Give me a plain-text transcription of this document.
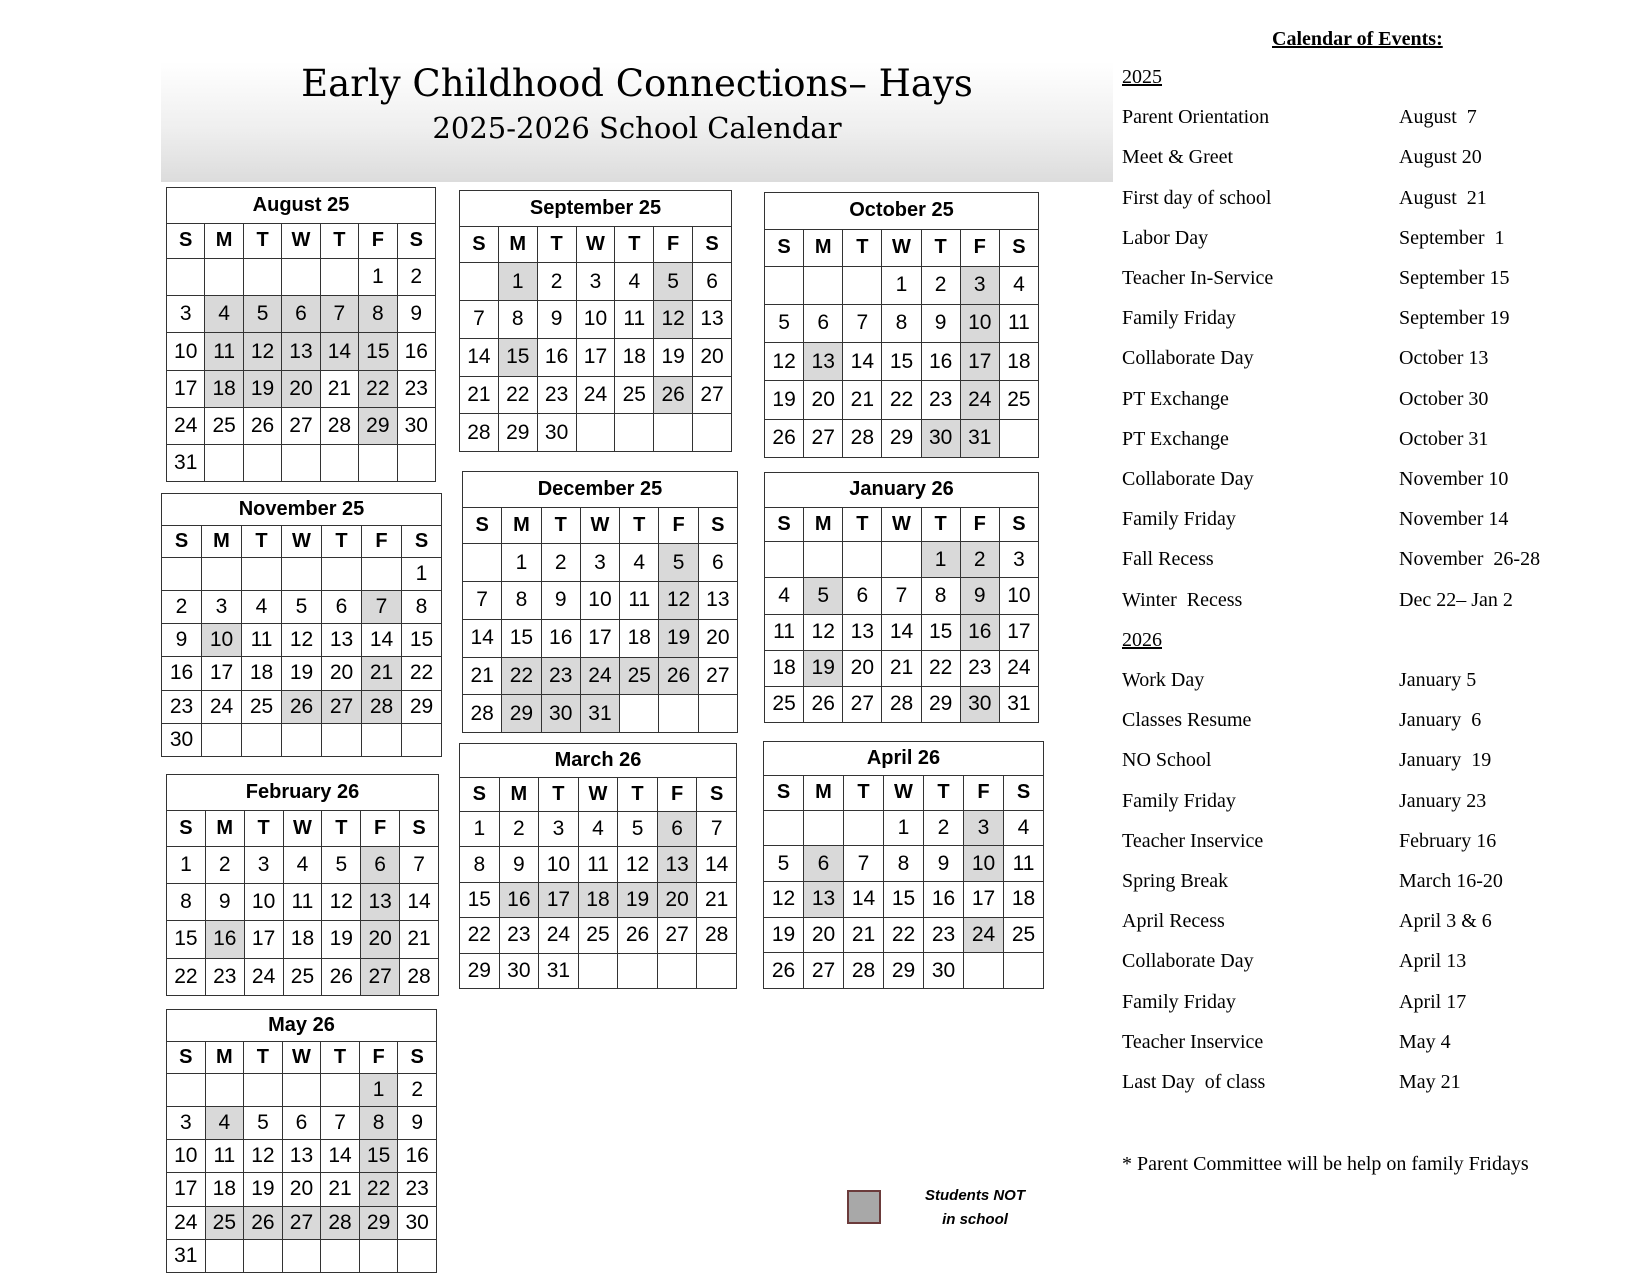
Early Childhood Connections– Hays
2025-2026 School Calendar
August 25						
S	M	T	W	T	F	S
					1	2
3	4	5	6	7	8	9
10	11	12	13	14	15	16
17	18	19	20	21	22	23
24	25	26	27	28	29	30
31						
September 25						
S	M	T	W	T	F	S
	1	2	3	4	5	6
7	8	9	10	11	12	13
14	15	16	17	18	19	20
21	22	23	24	25	26	27
28	29	30				
October 25						
S	M	T	W	T	F	S
			1	2	3	4
5	6	7	8	9	10	11
12	13	14	15	16	17	18
19	20	21	22	23	24	25
26	27	28	29	30	31	
November 25						
S	M	T	W	T	F	S
						1
2	3	4	5	6	7	8
9	10	11	12	13	14	15
16	17	18	19	20	21	22
23	24	25	26	27	28	29
30						
December 25						
S	M	T	W	T	F	S
	1	2	3	4	5	6
7	8	9	10	11	12	13
14	15	16	17	18	19	20
21	22	23	24	25	26	27
28	29	30	31			
January 26						
S	M	T	W	T	F	S
				1	2	3
4	5	6	7	8	9	10
11	12	13	14	15	16	17
18	19	20	21	22	23	24
25	26	27	28	29	30	31
February 26						
S	M	T	W	T	F	S
1	2	3	4	5	6	7
8	9	10	11	12	13	14
15	16	17	18	19	20	21
22	23	24	25	26	27	28
March 26						
S	M	T	W	T	F	S
1	2	3	4	5	6	7
8	9	10	11	12	13	14
15	16	17	18	19	20	21
22	23	24	25	26	27	28
29	30	31				
April 26						
S	M	T	W	T	F	S
			1	2	3	4
5	6	7	8	9	10	11
12	13	14	15	16	17	18
19	20	21	22	23	24	25
26	27	28	29	30		
May 26						
S	M	T	W	T	F	S
					1	2
3	4	5	6	7	8	9
10	11	12	13	14	15	16
17	18	19	20	21	22	23
24	25	26	27	28	29	30
31						
Calendar of Events:
2025
Parent Orientation	August  7
Meet & Greet	August 20
First day of school	August  21
Labor Day	September  1
Teacher In-Service	September 15
Family Friday	September 19
Collaborate Day	October 13
PT Exchange	October 30
PT Exchange	October 31
Collaborate Day	November 10
Family Friday	November 14
Fall Recess	November  26-28
Winter  Recess	Dec 22– Jan 2
2026
Work Day	January 5
Classes Resume	January  6
NO School	January  19
Family Friday	January 23
Teacher Inservice	February 16
Spring Break	March 16-20
April Recess	April 3 & 6
Collaborate Day	April 13
Family Friday	April 17
Teacher Inservice	May 4
Last Day  of class	May 21
* Parent Committee will be help on family Fridays
Students NOT
in school
